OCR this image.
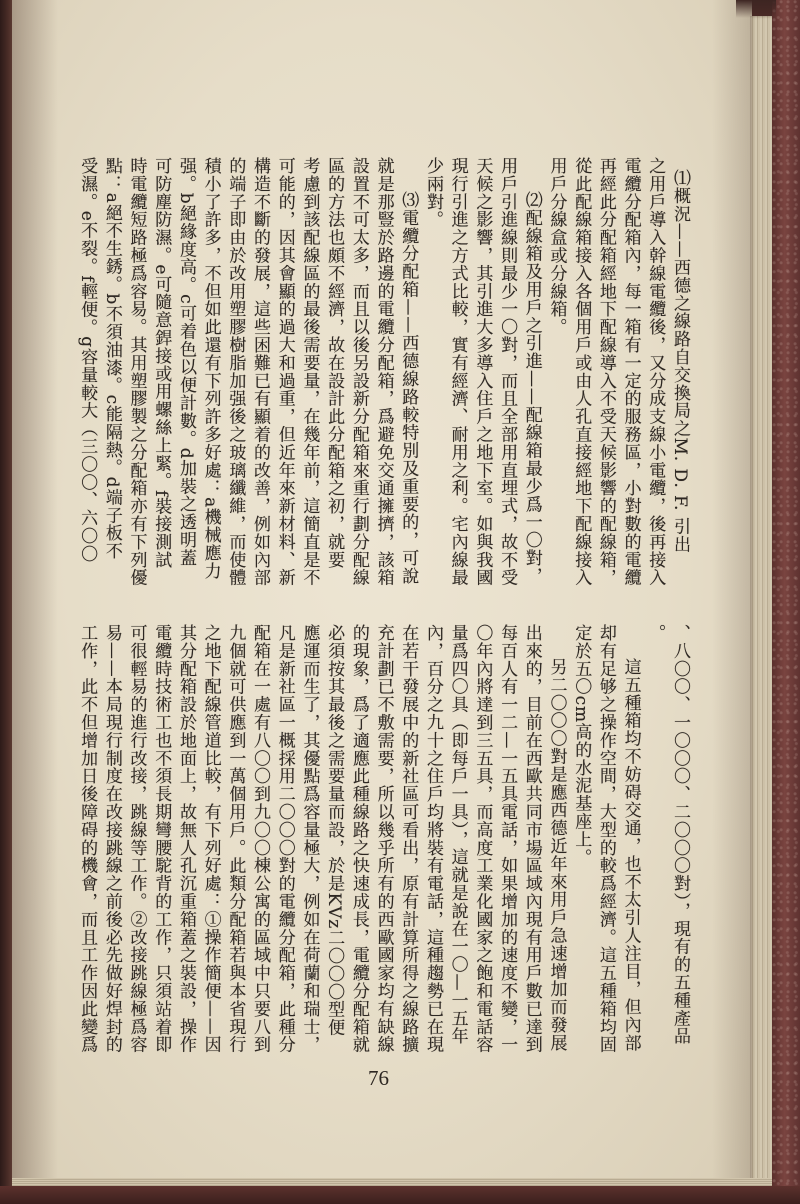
⑴概況——西德之線路自交換局之M. D. F. 引出

之用戶導入幹線電纜後，又分成支線小電纜，後再接入

電纜分配箱內，每一箱有一定的服務區，小對數的電纜

再經此分配箱經地下配線導入不受天候影響的配線箱，

從此配線箱接入各個用戶或由人孔直接經地下配線接入

用戶分線盒或分線箱。

⑵配線箱及用戶之引進——配線箱最少爲一〇對，

用戶引進線則最少一〇對，而且全部用直埋式，故不受

天候之影響，其引進大多導入住戶之地下室。如與我國

現行引進之方式比較，實有經濟、耐用之利。宅內線最

少兩對。

⑶電纜分配箱——西德線路較特別及重要的，可說

就是那豎於路邊的電纜分配箱，爲避免交通擁擠，該箱

設置不可太多，而且以後另設新分配箱來重行劃分配線

區的方法也頗不經濟，故在設計此分配箱之初，就要

考慮到該配線區的最後需要量，在幾年前，這簡直是不

可能的，因其會顯的過大和過重，但近年來新材料、新

構造不斷的發展，這些困難已有顯着的改善，例如內部

的端子即由於改用塑膠樹脂加强後之玻璃纖維，而使體

積小了許多，不但如此還有下列許多好處：a機械應力

强。b絕緣度高。c可着色以便計數。d加裝之透明蓋

可防塵防濕。e可隨意銲接或用螺絲上緊。f裝接測試

時電纜短路極爲容易。其用塑膠製之分配箱亦有下列優

點：a絕不生銹。b不須油漆。c能隔熱。d端子板不

受濕。e不裂。f輕便。g容量較大（三〇〇、六〇〇

、八〇〇、一〇〇〇、二〇〇〇對），現有的五種產品

。

這五種箱均不妨碍交通，也不太引人注目，但內部

却有足够之操作空間，大型的較爲經濟。這五種箱均固

定於五〇cm高的水泥基座上。

另二〇〇〇對是應西德近年來用戶急速增加而發展

出來的，目前在西歐共同市場區域內現有用戶數已達到

每百人有一二—一五具電話，如果增加的速度不變，一

〇年內將達到三五具，而高度工業化國家之飽和電話容

量爲四〇具（即每戶一具），這就是說在一〇—一五年

內，百分之九十之住戶均將裝有電話，這種趨勢已在現

在若干發展中的新社區可看出，原有計算所得之線路擴

充計劃已不敷需要，所以幾乎所有的西歐國家均有缺線

的現象，爲了適應此種線路之快速成長，電纜分配箱就

必須按其最後之需要量而設，於是KVz二〇〇〇型便

應運而生了，其優點爲容量極大，例如在荷蘭和瑞士，

凡是新社區一概採用二〇〇〇對的電纜分配箱，此種分

配箱在一處有八〇〇到九〇〇棟公寓的區域中只要八到

九個就可供應到一萬個用戶。此類分配箱若與本省現行

之地下配線管道比較，有下列好處：①操作簡便——因

其分配箱設於地面上，故無人孔沉重箱蓋之裝設，操作

電纜時技術工也不須長期彎腰駝背的工作，只須站着即

可很輕易的進行改接，跳線等工作。②改接跳線極爲容

易——本局現行制度在改接跳線之前後必先做好焊封的

工作，此不但增加日後障碍的機會，而且工作因此變爲

76
